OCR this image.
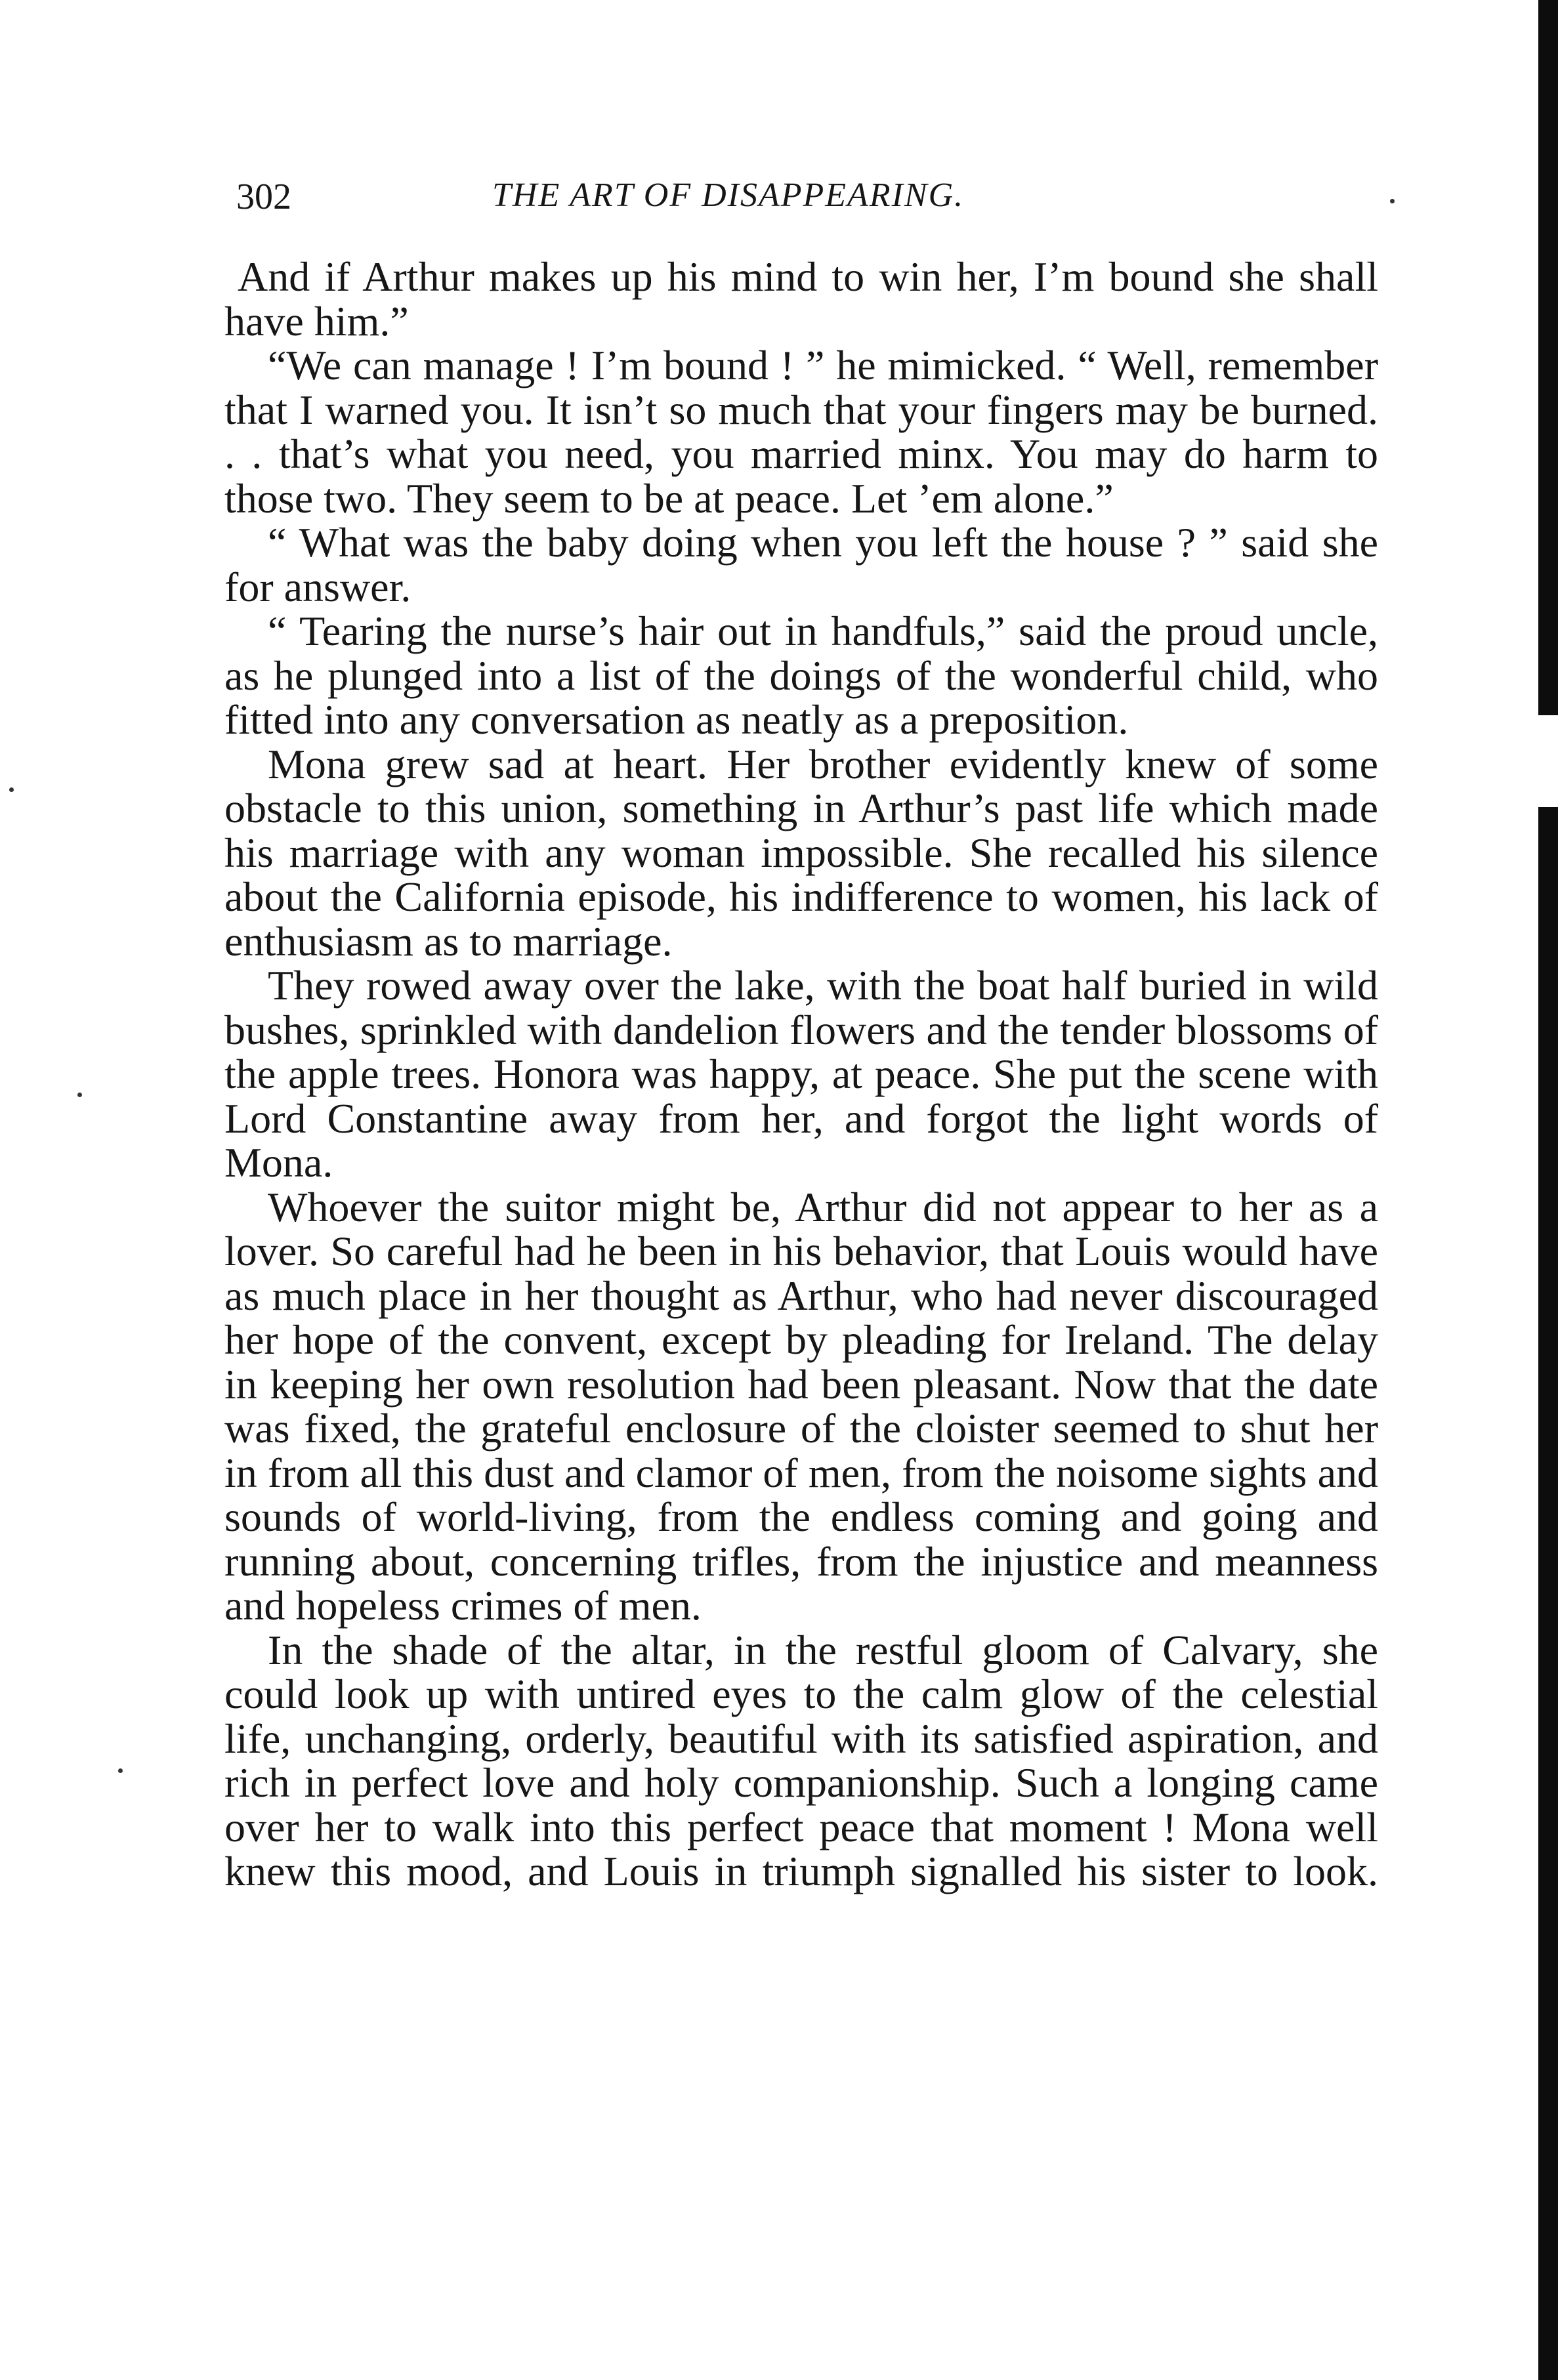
302	THE ART OF DISAPPEARING.

And if Arthur makes up his mind to win her, I’m bound she shall have him.”

“We can manage ! I’m bound ! ” he mimicked. “ Well, remember that I warned you. It isn’t so much that your fingers may be burned. . . that’s what you need, you married minx. You may do harm to those two. They seem to be at peace. Let ’em alone.”

“ What was the baby doing when you left the house ? ” said she for answer.

“ Tearing the nurse’s hair out in handfuls,” said the proud uncle, as he plunged into a list of the doings of the wonderful child, who fitted into any conversation as neatly as a preposition.

Mona grew sad at heart. Her brother evidently knew of some obstacle to this union, something in Arthur’s past life which made his marriage with any woman impossible. She recalled his silence about the California episode, his indifference to women, his lack of enthusiasm as to marriage.

They rowed away over the lake, with the boat half buried in wild bushes, sprinkled with dandelion flowers and the tender blossoms of the apple trees. Honora was happy, at peace. She put the scene with Lord Constantine away from her, and forgot the light words of Mona.

Whoever the suitor might be, Arthur did not appear to her as a lover. So careful had he been in his behavior, that Louis would have as much place in her thought as Arthur, who had never discouraged her hope of the convent, except by pleading for Ireland. The delay in keeping her own resolution had been pleasant. Now that the date was fixed, the grateful enclosure of the cloister seemed to shut her in from all this dust and clamor of men, from the noisome sights and sounds of world-living, from the endless coming and going and running about, concerning trifles, from the injustice and meanness and hopeless crimes of men.

In the shade of the altar, in the restful gloom of Calvary, she could look up with untired eyes to the calm glow of the celestial life, unchanging, orderly, beautiful with its satisfied aspiration, and rich in perfect love and holy companionship. Such a longing came over her to walk into this perfect peace that moment ! Mona well knew this mood, and Louis in triumph signalled his sister to look.
